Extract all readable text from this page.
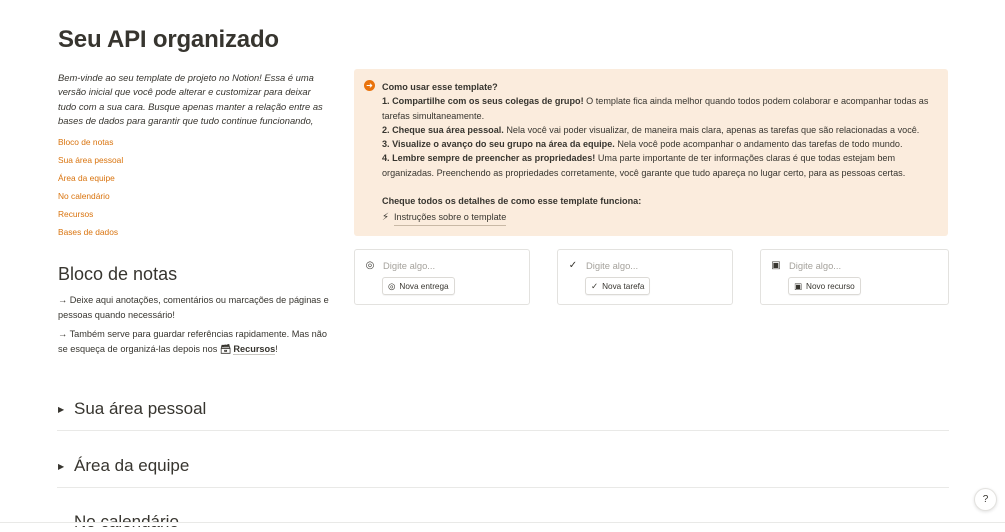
Seu API organizado

Bem-vinde ao seu template de projeto no Notion! Essa é uma versão inicial que você pode alterar e customizar para deixar tudo com a sua cara. Busque apenas manter a relação entre as bases de dados para garantir que tudo continue funcionando,

Bloco de notas
Sua área pessoal
Área da equipe
No calendário
Recursos
Bases de dados
Bloco de notas

→ Deixe aqui anotações, comentários ou marcações de páginas e pessoas quando necessário!

→ Também serve para guardar referências rapidamente. Mas não se esqueça de organizá-las depois nos 🗃 Recursos!

➜ Como usar esse template?

1. Compartilhe com os seus colegas de grupo! O template fica ainda melhor quando todos podem colaborar e acompanhar todas as tarefas simultaneamente.

2. Cheque sua área pessoal. Nela você vai poder visualizar, de maneira mais clara, apenas as tarefas que são relacionadas a você.

3. Visualize o avanço do seu grupo na área da equipe. Nela você pode acompanhar o andamento das tarefas de todo mundo.

4. Lembre sempre de preencher as propriedades! Uma parte importante de ter informações claras é que todas estejam bem organizadas. Preenchendo as propriedades corretamente, você garante que tudo apareça no lugar certo, para as pessoas certas.

Cheque todos os detalhes de como esse template funciona:

⚡ Instruções sobre o template
◎ Digite algo...
◎ Nova entrega
✓ Digite algo...
✓ Nova tarefa
▣ Digite algo...
▣ Novo recurso
▶ Sua área pessoal
▶ Área da equipe
?
